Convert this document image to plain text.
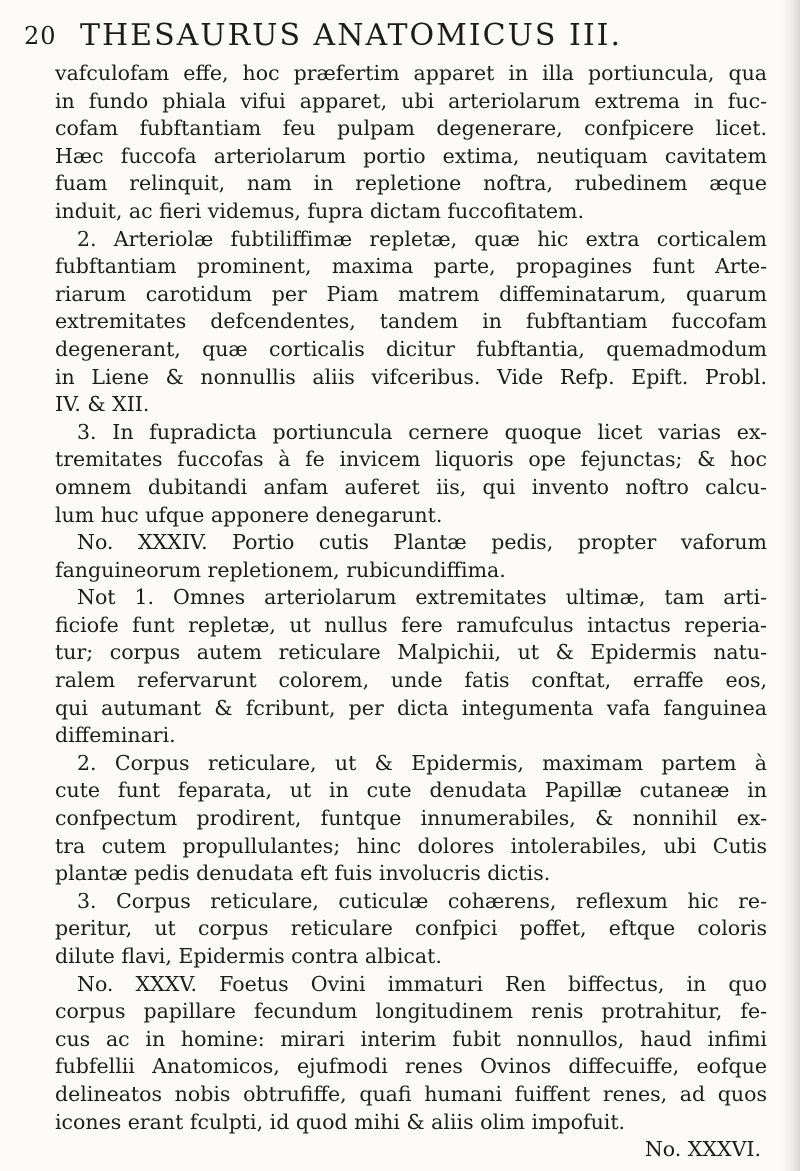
20 THESAURUS ANATOMICUS III.
vafculofam effe, hoc præfertim apparet in illa portiuncula, qua
in fundo phiala vifui apparet, ubi arteriolarum extrema in fuc-
cofam fubftantiam feu pulpam degenerare, confpicere licet.
Hæc fuccofa arteriolarum portio extima, neutiquam cavitatem
fuam relinquit, nam in repletione noftra, rubedinem æque
induit, ac fieri videmus, fupra dictam fuccofitatem.
2. Arteriolæ fubtiliffimæ repletæ, quæ hic extra corticalem
fubftantiam prominent, maxima parte, propagines funt Arte-
riarum carotidum per Piam matrem diffeminatarum, quarum
extremitates defcendentes, tandem in fubftantiam fuccofam
degenerant, quæ corticalis dicitur fubftantia, quemadmodum
in Liene & nonnullis aliis vifceribus. Vide Refp. Epift. Probl.
IV. & XII.
3. In fupradicta portiuncula cernere quoque licet varias ex-
tremitates fuccofas à fe invicem liquoris ope fejunctas; & hoc
omnem dubitandi anfam auferet iis, qui invento noftro calcu-
lum huc ufque apponere denegarunt.
No. XXXIV. Portio cutis Plantæ pedis, propter vaforum
fanguineorum repletionem, rubicundiffima.
Not 1. Omnes arteriolarum extremitates ultimæ, tam arti-
ficiofe funt repletæ, ut nullus fere ramufculus intactus reperia-
tur; corpus autem reticulare Malpichii, ut & Epidermis natu-
ralem refervarunt colorem, unde fatis conftat, erraffe eos,
qui autumant & fcribunt, per dicta integumenta vafa fanguinea
diffeminari.
2. Corpus reticulare, ut & Epidermis, maximam partem à
cute funt feparata, ut in cute denudata Papillæ cutaneæ in
confpectum prodirent, funtque innumerabiles, & nonnihil ex-
tra cutem propullulantes; hinc dolores intolerabiles, ubi Cutis
plantæ pedis denudata eft fuis involucris dictis.
3. Corpus reticulare, cuticulæ cohærens, reflexum hic re-
peritur, ut corpus reticulare confpici poffet, eftque coloris
dilute flavi, Epidermis contra albicat.
No. XXXV. Foetus Ovini immaturi Ren biffectus, in quo
corpus papillare fecundum longitudinem renis protrahitur, fe-
cus ac in homine: mirari interim fubit nonnullos, haud infimi
fubfellii Anatomicos, ejufmodi renes Ovinos diffecuiffe, eofque
delineatos nobis obtrufiffe, quafi humani fuiffent renes, ad quos
icones erant fculpti, id quod mihi & aliis olim impofuit.
No. XXXVI.
